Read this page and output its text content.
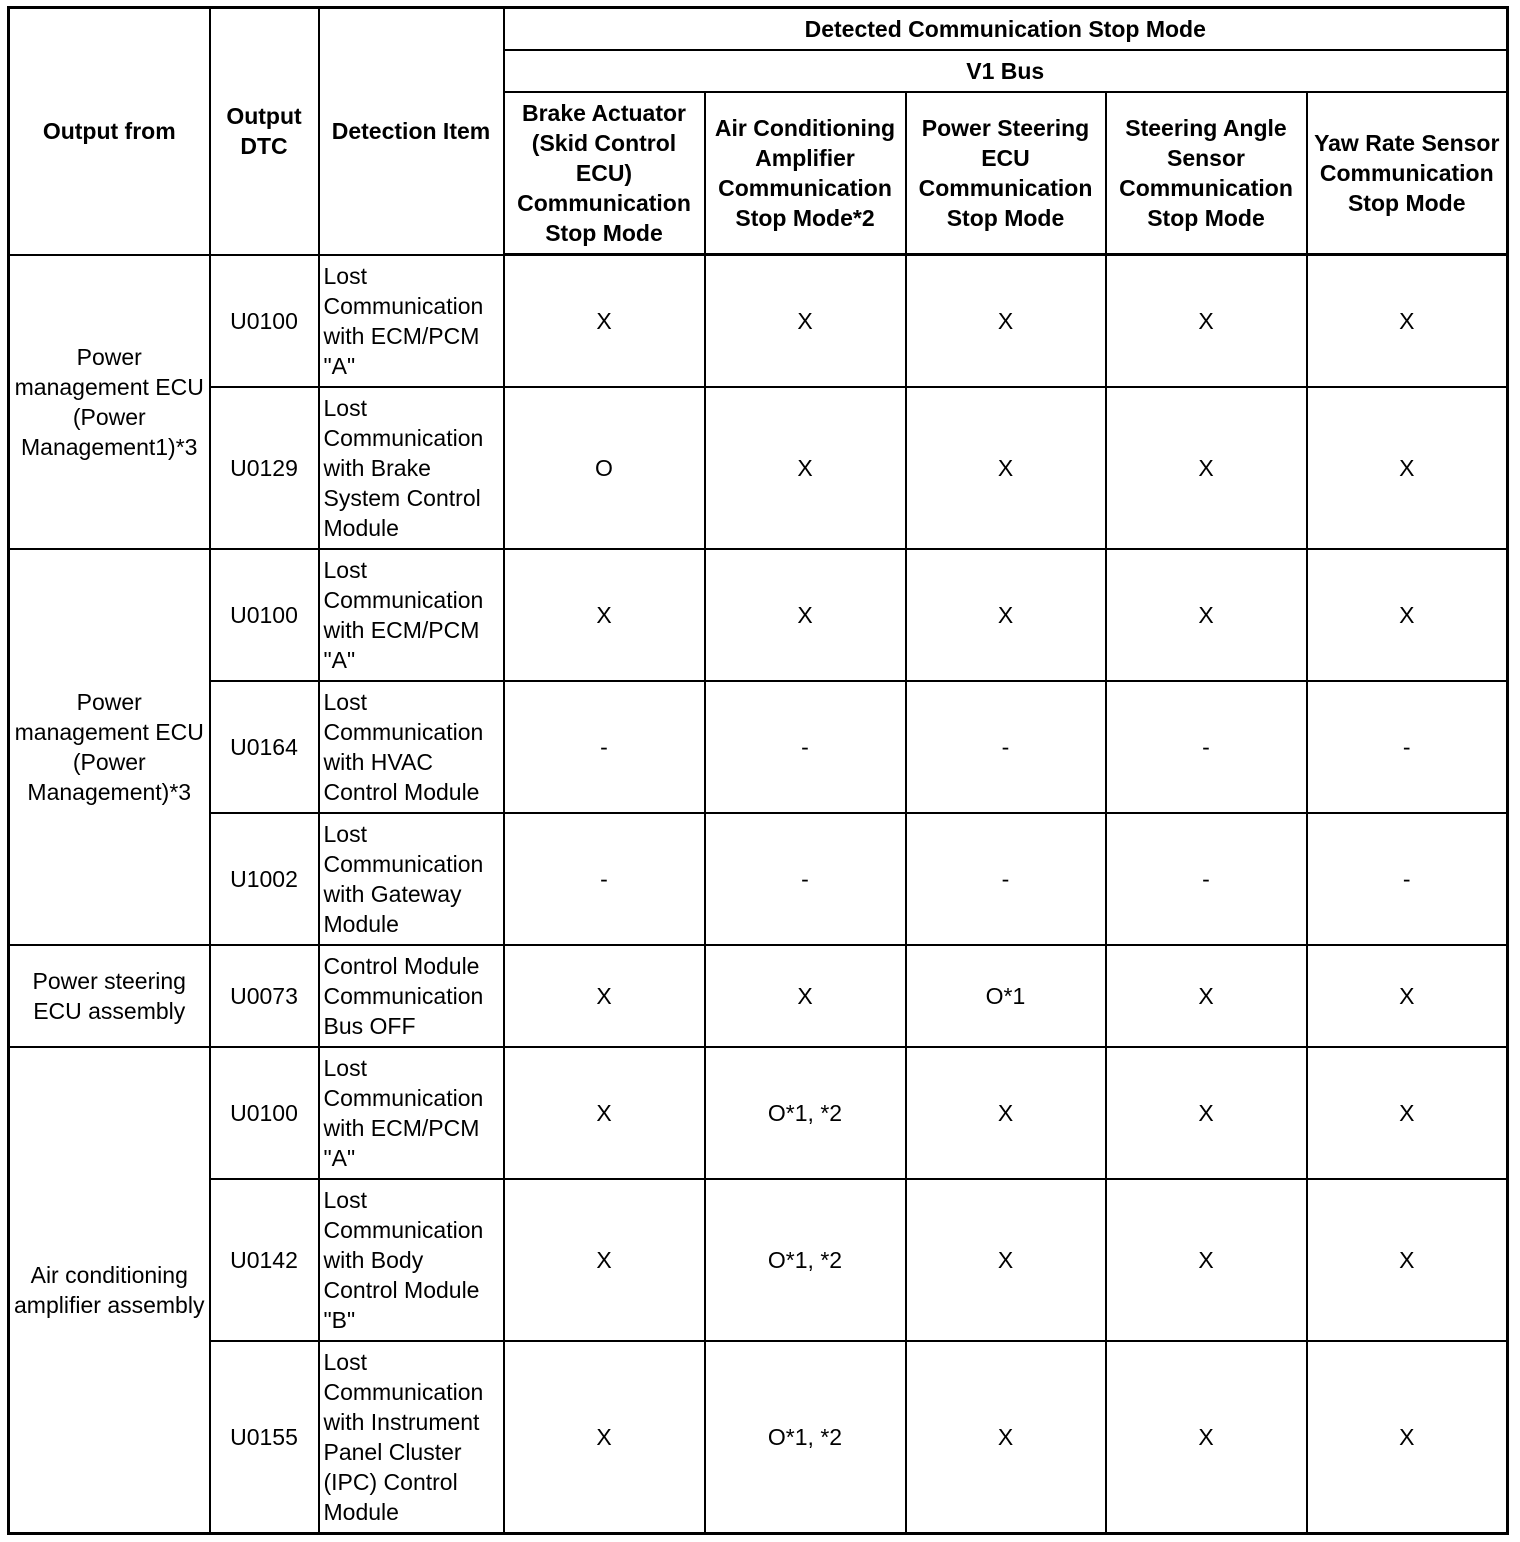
Output from	Output DTC	Detection Item	Detected Communication Stop Mode				
			V1 Bus				
			Brake Actuator (Skid Control ECU) Communication Stop Mode	Air Conditioning Amplifier Communication Stop Mode*2	Power Steering ECU Communication Stop Mode	Steering Angle Sensor Communication Stop Mode	Yaw Rate Sensor Communication Stop Mode
Power management ECU (Power Management1)*3	U0100	Lost Communication with ECM/PCM "A"	X	X	X	X	X
	U0129	Lost Communication with Brake System Control Module	O	X	X	X	X
Power management ECU (Power Management)*3	U0100	Lost Communication with ECM/PCM "A"	X	X	X	X	X
	U0164	Lost Communication with HVAC Control Module	-	-	-	-	-
	U1002	Lost Communication with Gateway Module	-	-	-	-	-
Power steering ECU assembly	U0073	Control Module Communication Bus OFF	X	X	O*1	X	X
Air conditioning amplifier assembly	U0100	Lost Communication with ECM/PCM "A"	X	O*1, *2	X	X	X
	U0142	Lost Communication with Body Control Module "B"	X	O*1, *2	X	X	X
	U0155	Lost Communication with Instrument Panel Cluster (IPC) Control Module	X	O*1, *2	X	X	X
